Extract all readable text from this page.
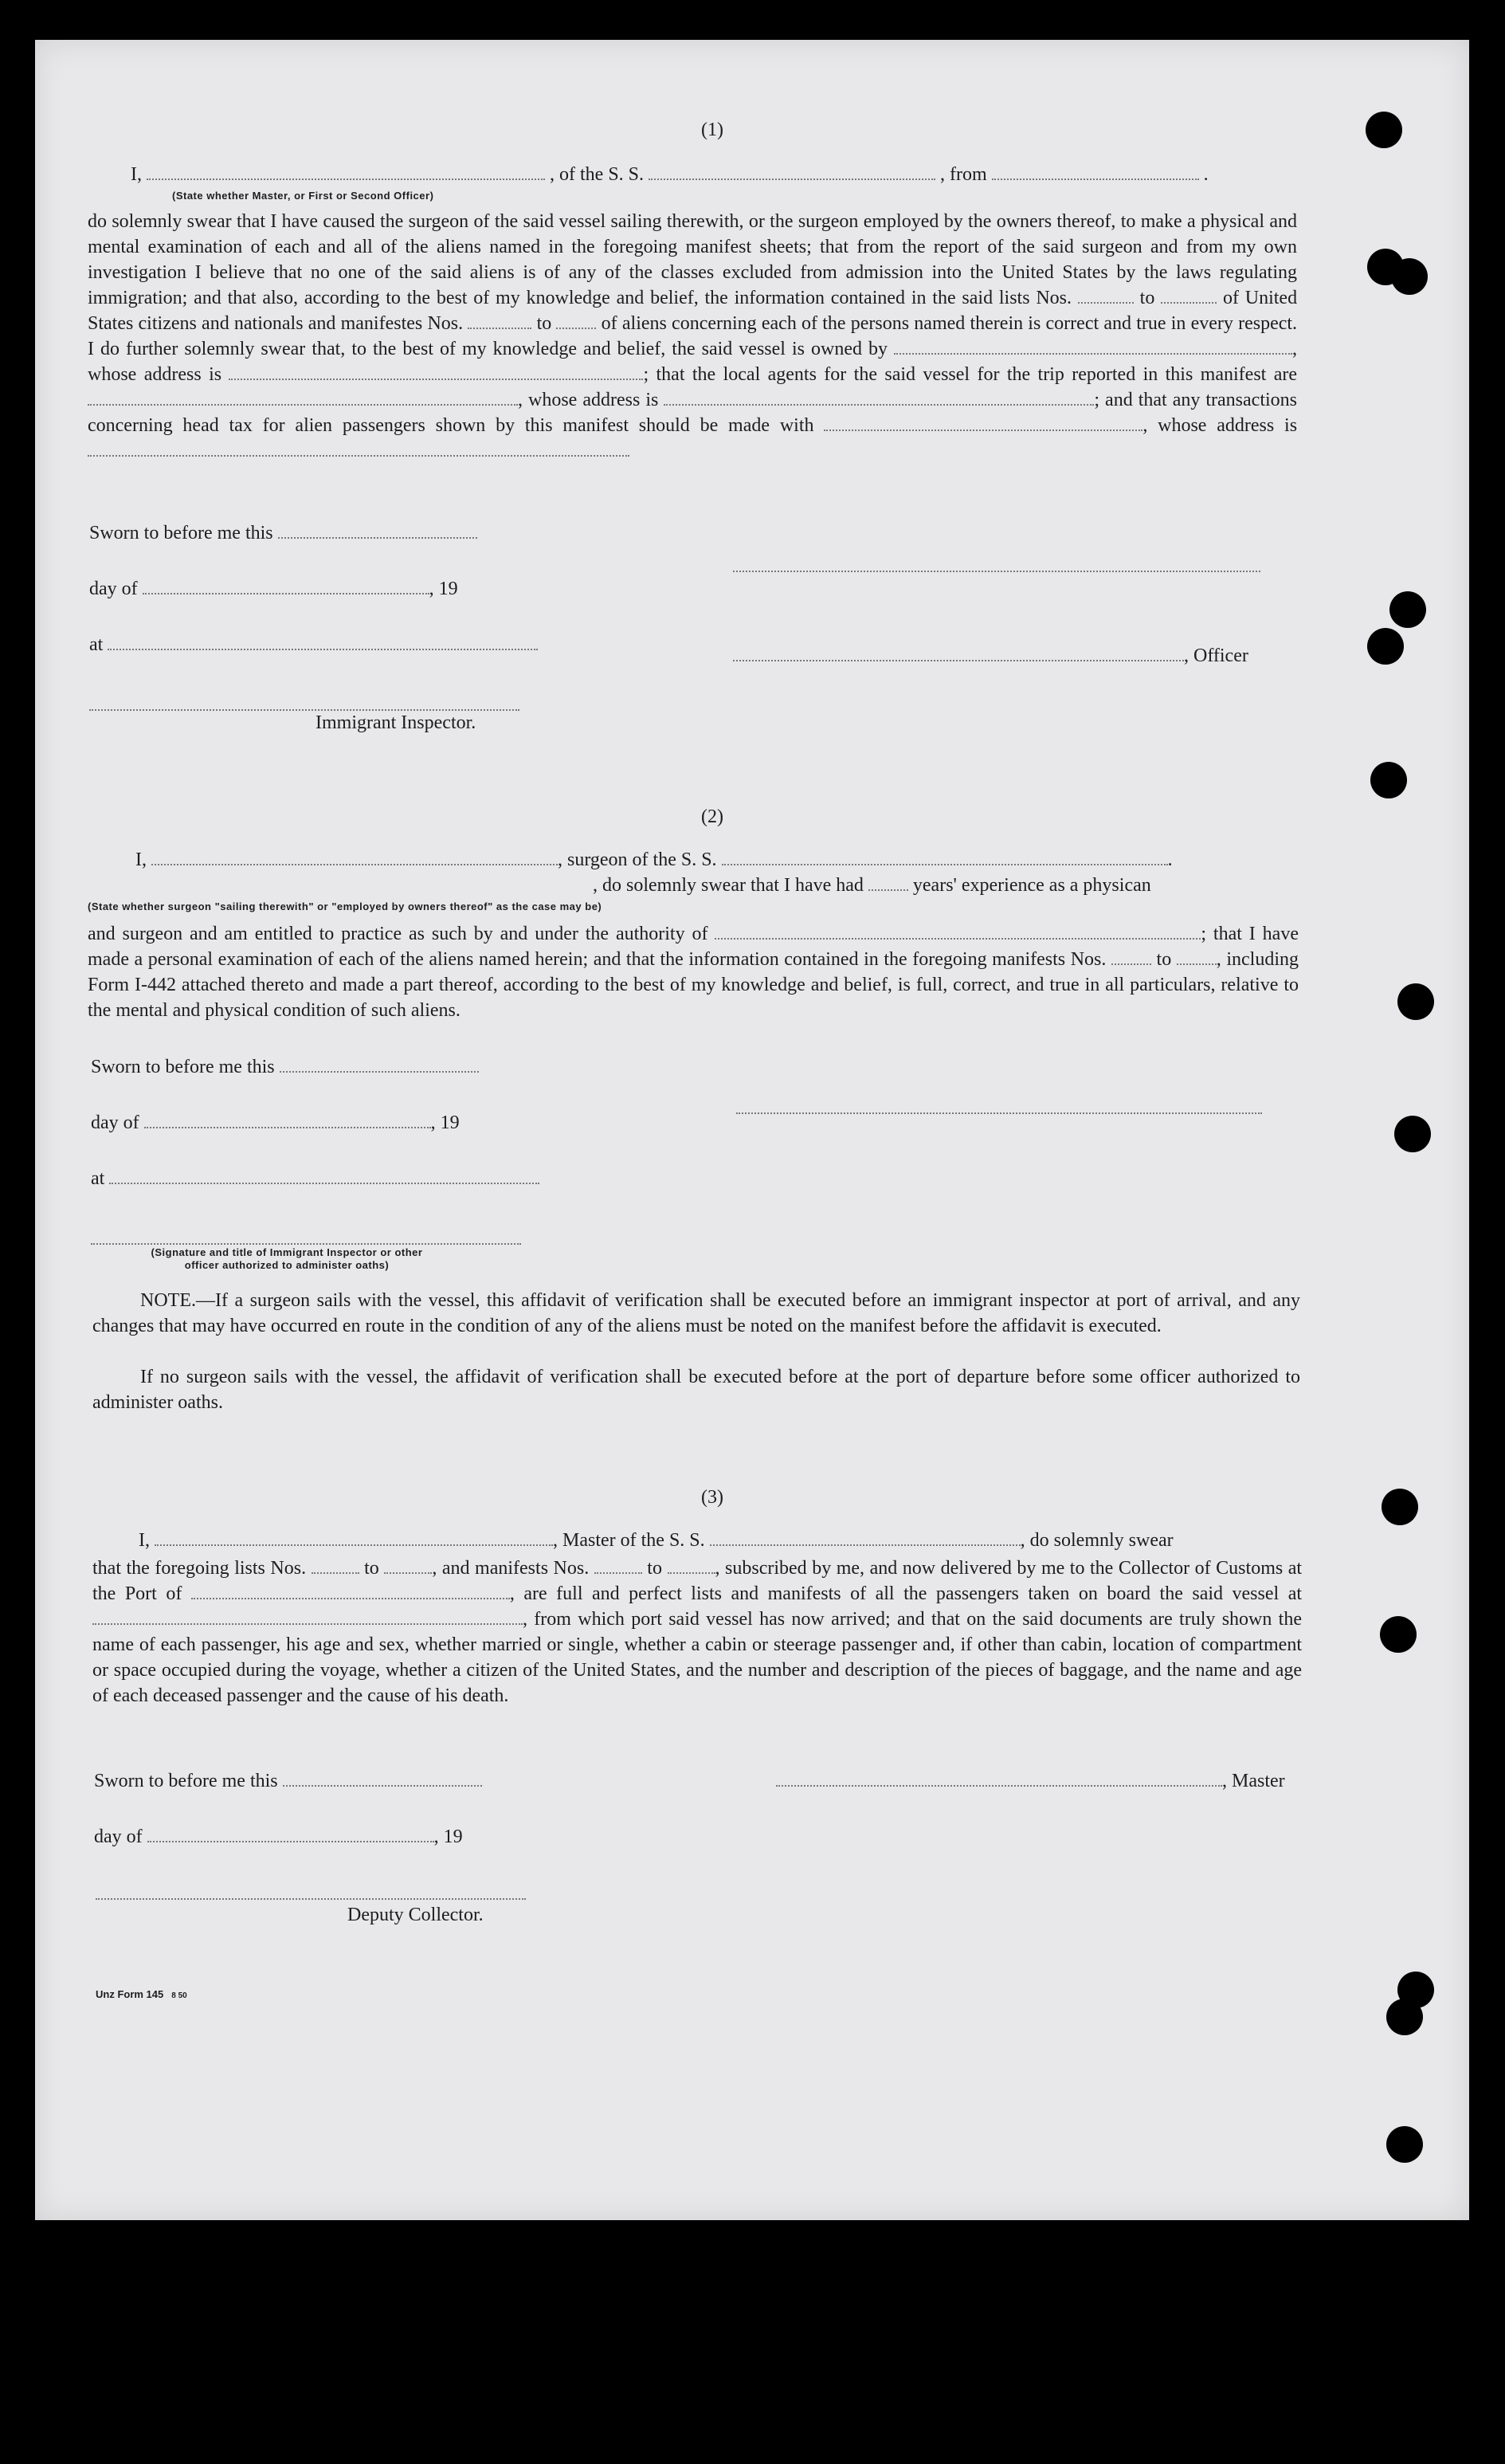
(1)
I,	, of the S. S.	, from	.
(State whether Master, or First or Second Officer)
do solemnly swear that I have caused the surgeon of the said vessel sailing therewith, or the surgeon employed by the owners thereof, to make a physical and mental examination of each and all of the aliens named in the foregoing manifest sheets; that from the report of the said surgeon and from my own investigation I believe that no one of the said aliens is of any of the classes excluded from admission into the United States by the laws regulating immigration; and that also, according to the best of my knowledge and belief, the information contained in the said lists Nos.	to	of United States citizens and nationals and manifestes Nos.	to	of aliens concerning each of the persons named therein is correct and true in every respect. I do further solemnly swear that, to the best of my knowledge and belief, the said vessel is owned by	, whose address is	; that the local agents for the said vessel for the trip reported in this manifest are , whose address is	; and that any transactions concerning head tax for alien passengers shown by this manifest should be made with	, whose address is
Sworn to before me this
day of	, 19
at
, Officer
Immigrant Inspector.
(2)
I,	, surgeon of the S. S.	.
, do solemnly swear that I have had	years' experience as a physican
(State whether surgeon "sailing therewith" or "employed by owners thereof" as the case may be)
and surgeon and am entitled to practice as such by and under the authority of	; that I have made a personal examination of each of the aliens named herein; and that the information contained in the foregoing manifests Nos.	to , including Form I-442 attached thereto and made a part thereof, according to the best of my knowledge and belief, is full, correct, and true in all particulars, relative to the mental and physical condition of such aliens.
Sworn to before me this
day of	, 19
at
(Signature and title of Immigrant Inspector or other
officer authorized to administer oaths)
NOTE.—If a surgeon sails with the vessel, this affidavit of verification shall be executed before an immigrant inspector at port of arrival, and any changes that may have occurred en route in the condition of any of the aliens must be noted on the manifest before the affidavit is executed.
If no surgeon sails with the vessel, the affidavit of verification shall be executed before at the port of departure before some officer authorized to administer oaths.
(3)
I,	, Master of the S. S.	, do solemnly swear
that the foregoing lists Nos.	to	, and manifests Nos.	to	, subscribed by me, and now delivered by me to the Collector of Customs at the Port of	, are full and perfect lists and manifests of all the passengers taken on board the said vessel at , from which port said vessel has now arrived; and that on the said documents are truly shown the name of each passenger, his age and sex, whether married or single, whether a cabin or steerage passenger and, if other than cabin, location of compartment or space occupied during the voyage, whether a citizen of the United States, and the number and description of the pieces of baggage, and the name and age of each deceased passenger and the cause of his death.
Sworn to before me this	, Master
day of	, 19
Deputy Collector.
Unz Form 145 8 50
